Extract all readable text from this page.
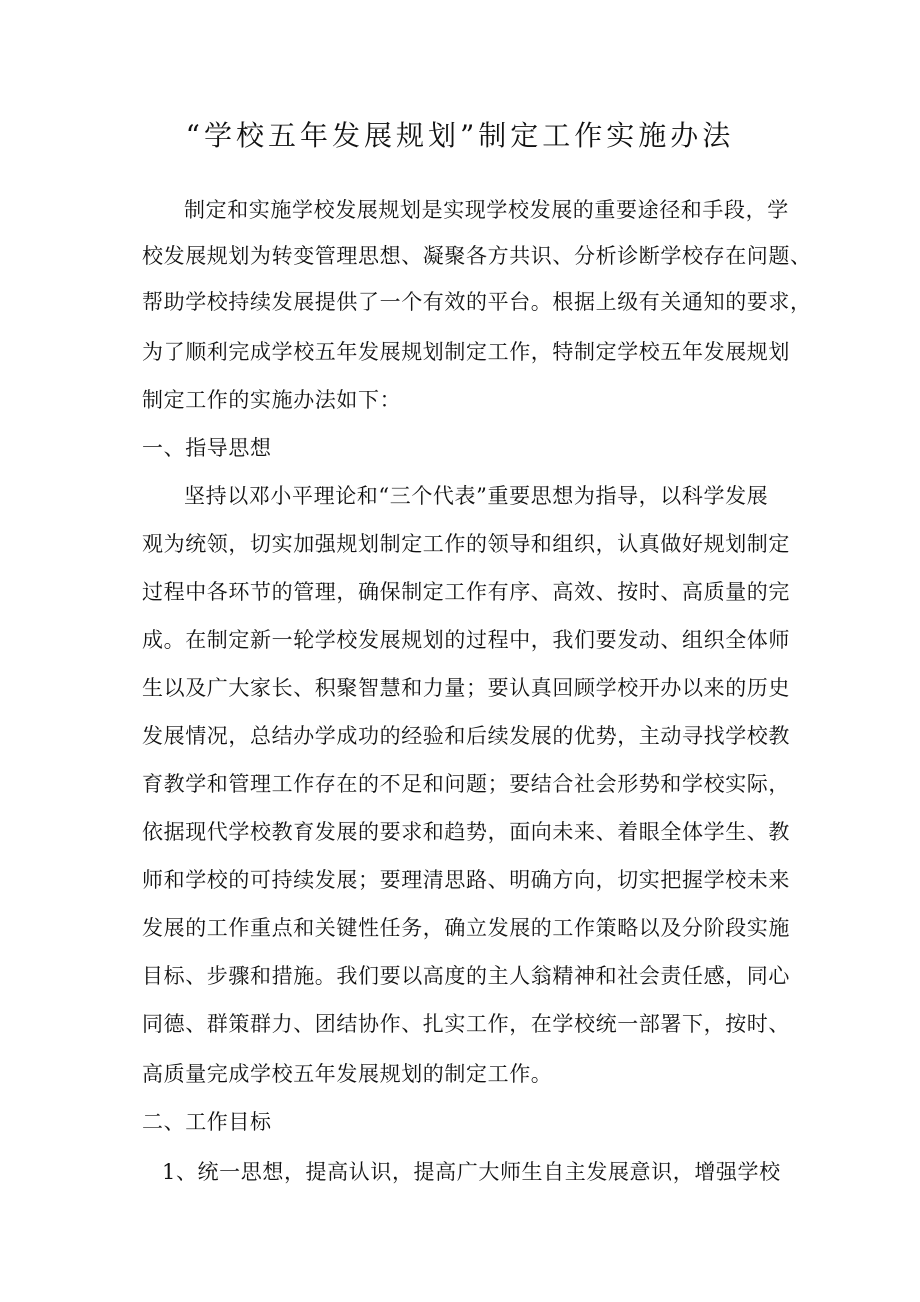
“学校五年发展规划”制定工作实施办法
制定和实施学校发展规划是实现学校发展的重要途径和手段，学
校发展规划为转变管理思想、凝聚各方共识、分析诊断学校存在问题、
帮助学校持续发展提供了一个有效的平台。根据上级有关通知的要求，
为了顺利完成学校五年发展规划制定工作，特制定学校五年发展规划
制定工作的实施办法如下：
一、指导思想
坚持以邓小平理论和“三个代表”重要思想为指导，以科学发展
观为统领，切实加强规划制定工作的领导和组织，认真做好规划制定
过程中各环节的管理，确保制定工作有序、高效、按时、高质量的完
成。在制定新一轮学校发展规划的过程中，我们要发动、组织全体师
生以及广大家长、积聚智慧和力量；要认真回顾学校开办以来的历史
发展情况，总结办学成功的经验和后续发展的优势，主动寻找学校教
育教学和管理工作存在的不足和问题；要结合社会形势和学校实际，
依据现代学校教育发展的要求和趋势，面向未来、着眼全体学生、教
师和学校的可持续发展；要理清思路、明确方向，切实把握学校未来
发展的工作重点和关键性任务，确立发展的工作策略以及分阶段实施
目标、步骤和措施。我们要以高度的主人翁精神和社会责任感，同心
同德、群策群力、团结协作、扎实工作，在学校统一部署下，按时、
高质量完成学校五年发展规划的制定工作。
二、工作目标
1、统一思想，提高认识，提高广大师生自主发展意识，增强学校
